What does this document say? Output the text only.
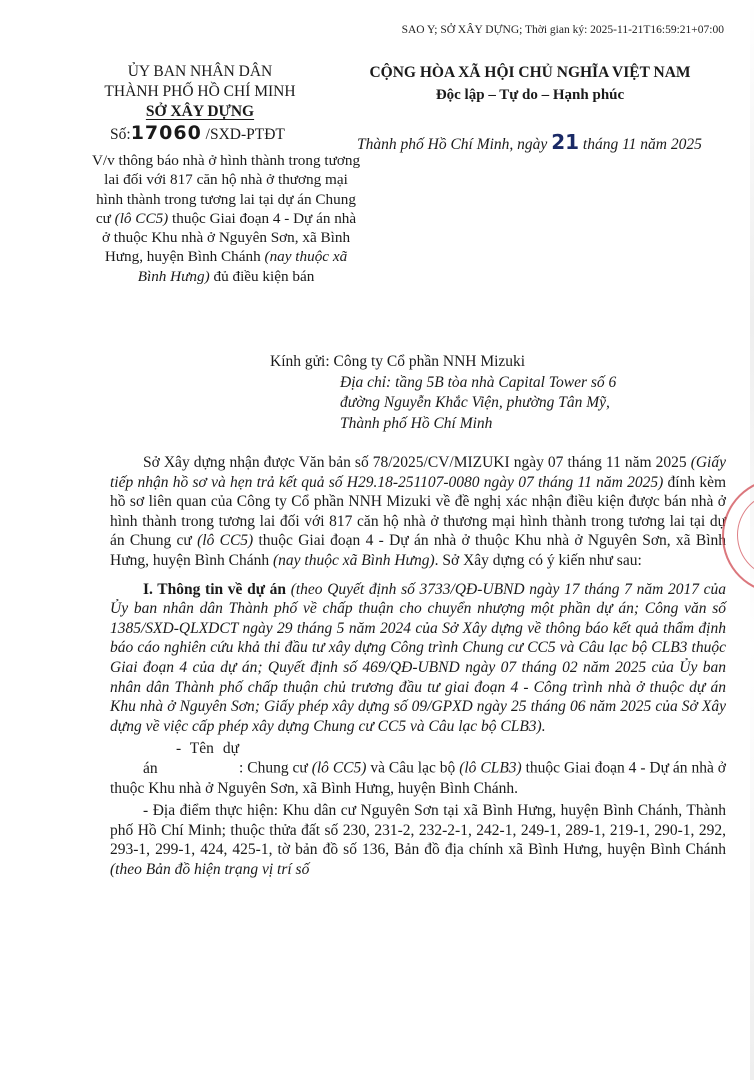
SAO Y; SỞ XÂY DỰNG; Thời gian ký: 2025-11-21T16:59:21+07:00
ỦY BAN NHÂN DÂN
THÀNH PHỐ HỒ CHÍ MINH
SỞ XÂY DỰNG
Số:17060 /SXD-PTĐT
CỘNG HÒA XÃ HỘI CHỦ NGHĨA VIỆT NAM
Độc lập – Tự do – Hạnh phúc
Thành phố Hồ Chí Minh, ngày 21 tháng 11 năm 2025
V/v thông báo nhà ở hình thành trong tương lai đối với 817 căn hộ nhà ở thương mại hình thành trong tương lai tại dự án Chung cư (lô CC5) thuộc Giai đoạn 4 - Dự án nhà ở thuộc Khu nhà ở Nguyên Sơn, xã Bình Hưng, huyện Bình Chánh (nay thuộc xã Bình Hưng) đủ điều kiện bán
Kính gửi: Công ty Cổ phần NNH Mizuki
Địa chỉ: tầng 5B tòa nhà Capital Tower số 6
đường Nguyễn Khắc Viện, phường Tân Mỹ,
Thành phố Hồ Chí Minh

Sở Xây dựng nhận được Văn bản số 78/2025/CV/MIZUKI ngày 07 tháng 11 năm 2025 (Giấy tiếp nhận hồ sơ và hẹn trả kết quả số H29.18-251107-0080 ngày 07 tháng 11 năm 2025) đính kèm hồ sơ liên quan của Công ty Cổ phần NNH Mizuki về đề nghị xác nhận điều kiện được bán nhà ở hình thành trong tương lai đối với 817 căn hộ nhà ở thương mại hình thành trong tương lai tại dự án Chung cư (lô CC5) thuộc Giai đoạn 4 - Dự án nhà ở thuộc Khu nhà ở Nguyên Sơn, xã Bình Hưng, huyện Bình Chánh (nay thuộc xã Bình Hưng). Sở Xây dựng có ý kiến như sau:

I. Thông tin về dự án (theo Quyết định số 3733/QĐ-UBND ngày 17 tháng 7 năm 2017 của Ủy ban nhân dân Thành phố về chấp thuận cho chuyển nhượng một phần dự án; Công văn số 1385/SXD-QLXDCT ngày 29 tháng 5 năm 2024 của Sở Xây dựng về thông báo kết quả thẩm định báo cáo nghiên cứu khả thi đầu tư xây dựng Công trình Chung cư CC5 và Câu lạc bộ CLB3 thuộc Giai đoạn 4 của dự án; Quyết định số 469/QĐ-UBND ngày 07 tháng 02 năm 2025 của Ủy ban nhân dân Thành phố chấp thuận chủ trương đầu tư giai đoạn 4 - Công trình nhà ở thuộc dự án Khu nhà ở Nguyên Sơn; Giấy phép xây dựng số 09/GPXD ngày 25 tháng 06 năm 2025 của Sở Xây dựng về việc cấp phép xây dựng Chung cư CC5 và Câu lạc bộ CLB3).

- Tên dự án	: Chung cư (lô CC5) và Câu lạc bộ (lô CLB3) thuộc Giai đoạn 4 - Dự án nhà ở thuộc Khu nhà ở Nguyên Sơn, xã Bình Hưng, huyện Bình Chánh.

- Địa điểm thực hiện: Khu dân cư Nguyên Sơn tại xã Bình Hưng, huyện Bình Chánh, Thành phố Hồ Chí Minh; thuộc thửa đất số 230, 231-2, 232-2-1, 242-1, 249-1, 289-1, 219-1, 290-1, 292, 293-1, 299-1, 424, 425-1, tờ bản đồ số 136, Bản đồ địa chính xã Bình Hưng, huyện Bình Chánh (theo Bản đồ hiện trạng vị trí số
